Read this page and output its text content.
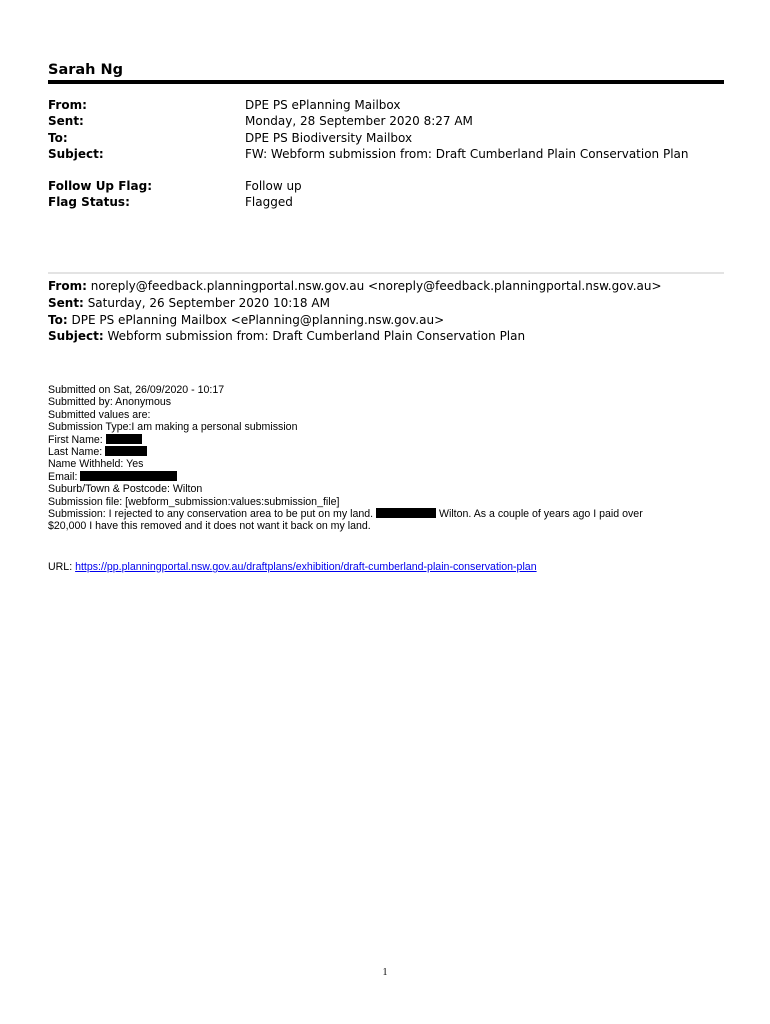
Sarah Ng
From:	DPE PS ePlanning Mailbox
Sent:	Monday, 28 September 2020 8:27 AM
To:	DPE PS Biodiversity Mailbox
Subject:	FW: Webform submission from: Draft Cumberland Plain Conservation Plan
Follow Up Flag:	Follow up
Flag Status:	Flagged
From: noreply@feedback.planningportal.nsw.gov.au <noreply@feedback.planningportal.nsw.gov.au>
Sent: Saturday, 26 September 2020 10:18 AM
To: DPE PS ePlanning Mailbox <ePlanning@planning.nsw.gov.au>
Subject: Webform submission from: Draft Cumberland Plain Conservation Plan
Submitted on Sat, 26/09/2020 - 10:17
Submitted by: Anonymous
Submitted values are:
Submission Type:I am making a personal submission
First Name:
Last Name:
Name Withheld: Yes
Email:
Suburb/Town & Postcode: Wilton
Submission file: [webform_submission:values:submission_file]
Submission: I rejected to any conservation area to be put on my land.	Wilton. As a couple of years ago I paid over
$20,000 I have this removed and it does not want it back on my land.
URL: https://pp.planningportal.nsw.gov.au/draftplans/exhibition/draft-cumberland-plain-conservation-plan
1
